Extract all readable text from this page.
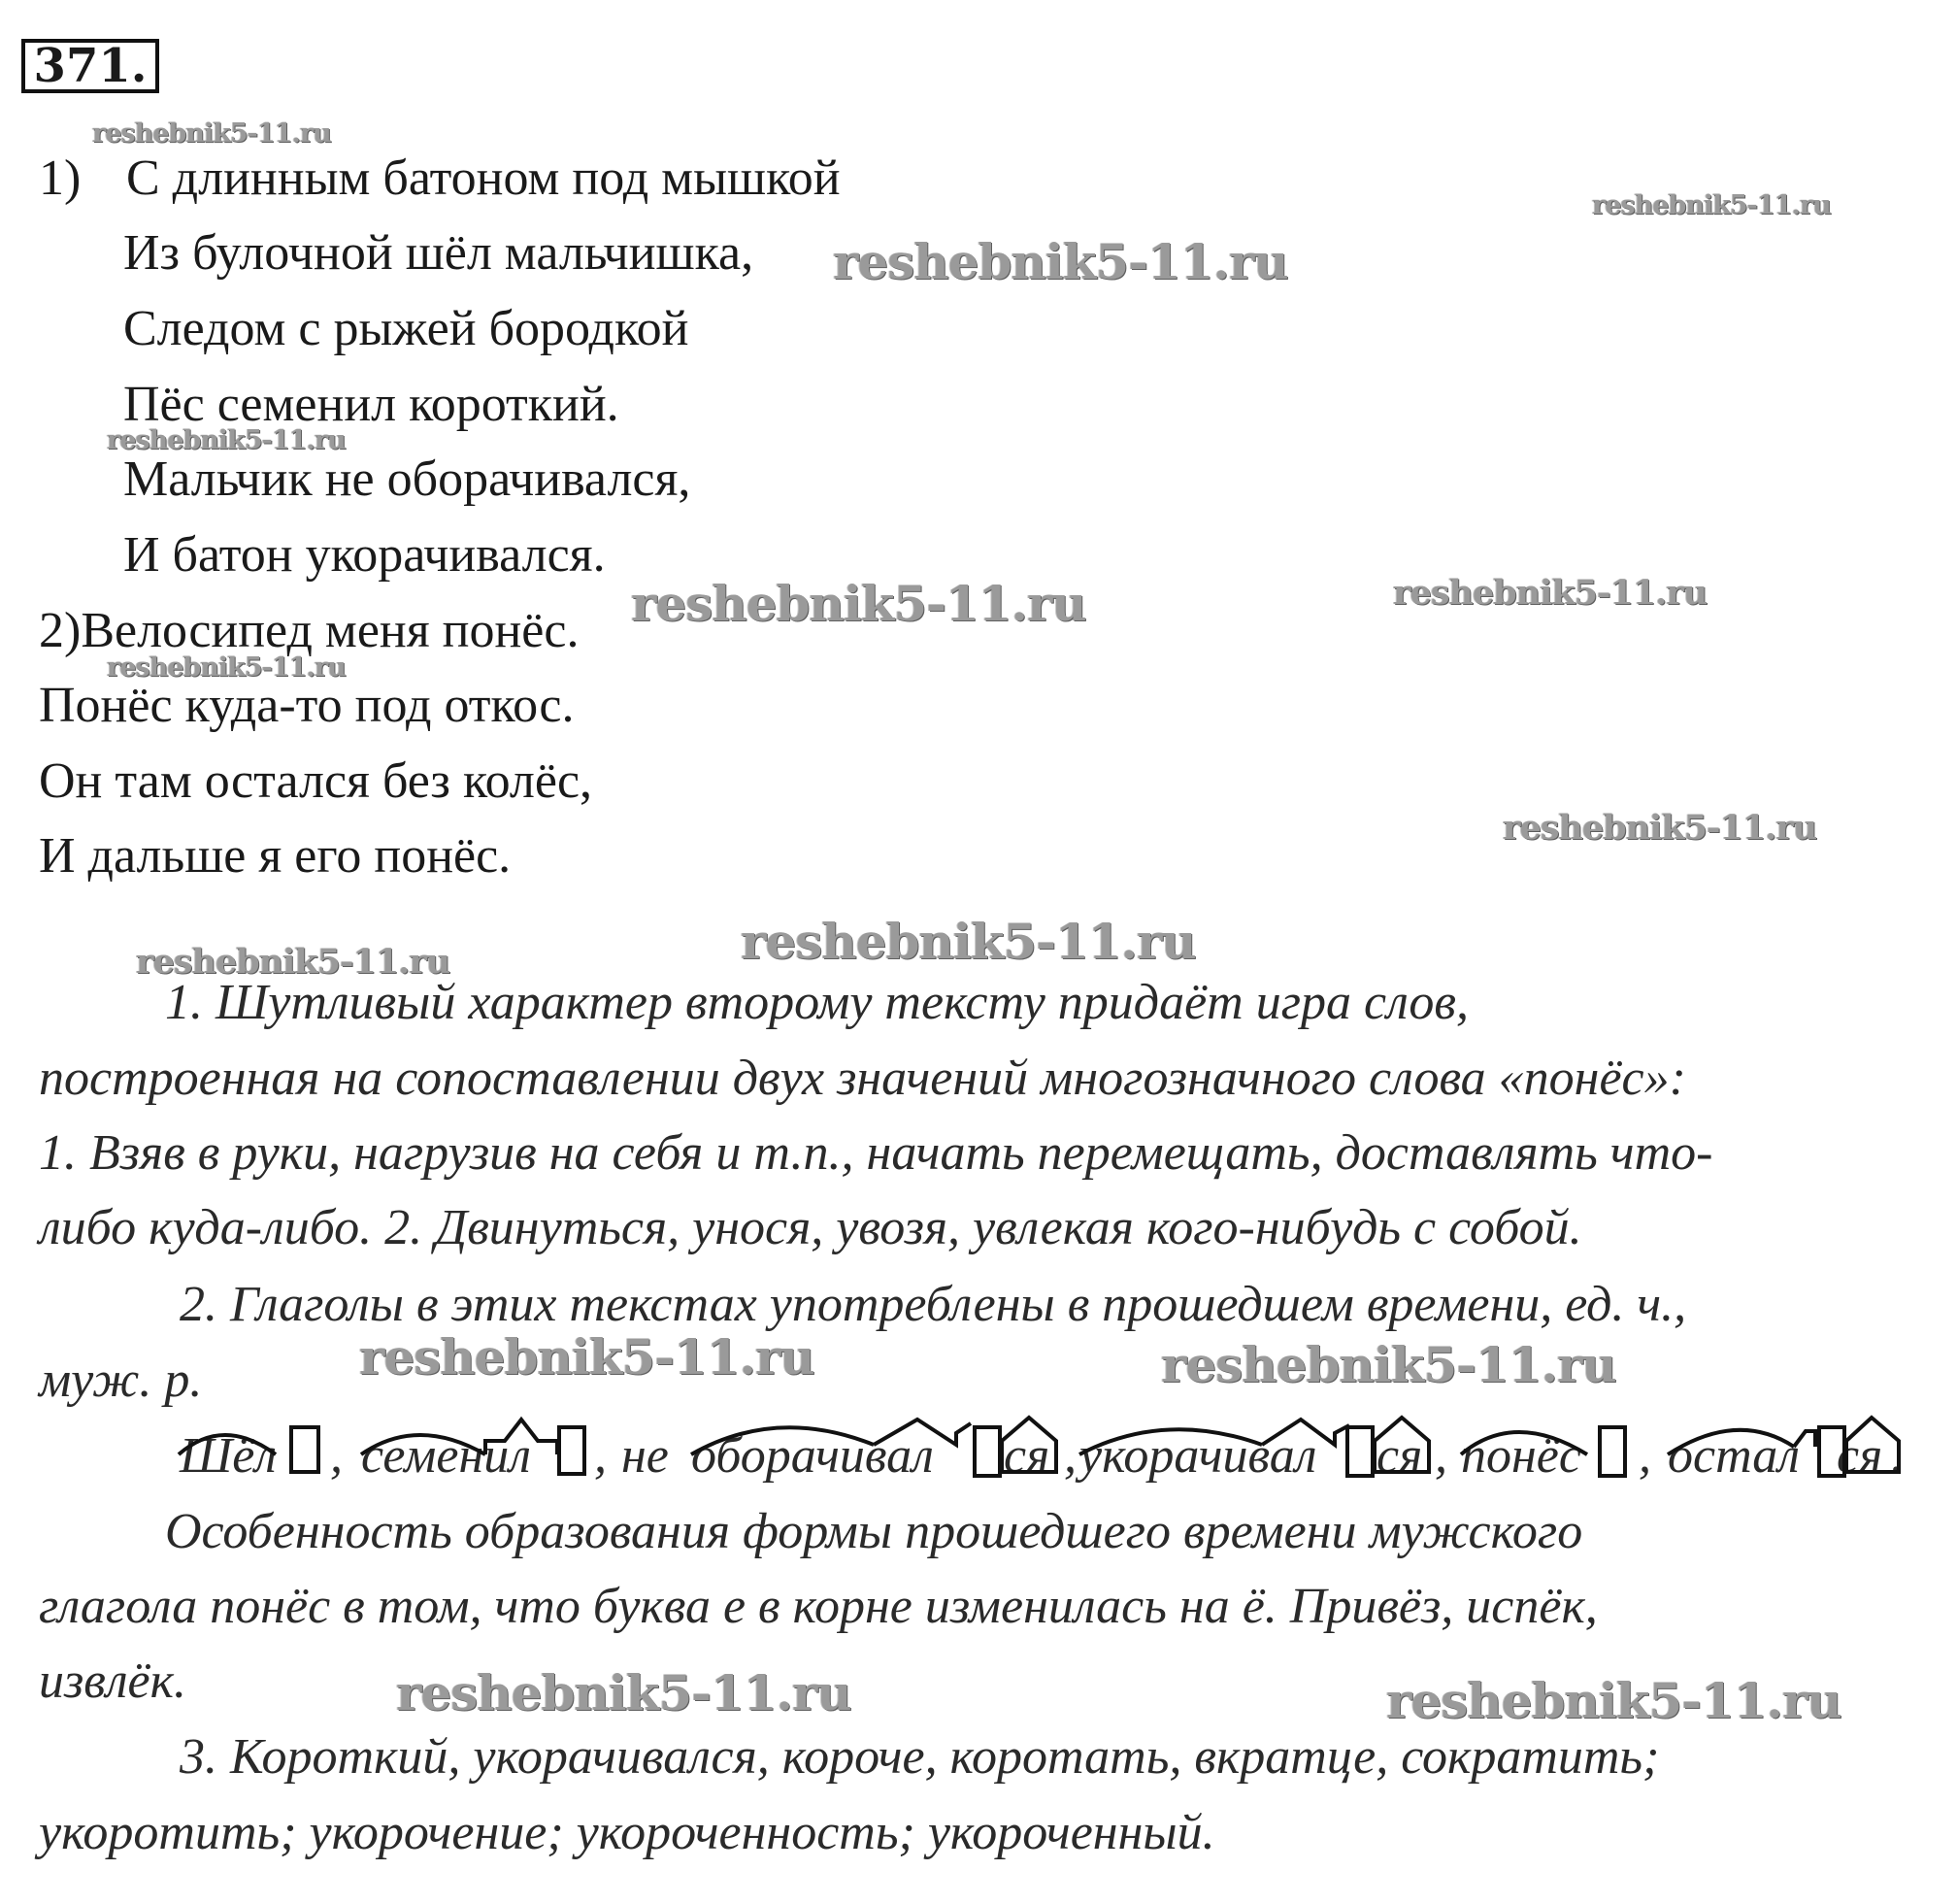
371.
1) С длинным батоном под мышкой
Из булочной шёл мальчишка,
Следом с рыжей бородкой
Пёс семенил короткий.
Мальчик не оборачивался,
И батон укорачивался.
2)Велосипед меня понёс.
Понёс куда-то под откос.
Он там остался без колёс,
И дальше я его понёс.
1. Шутливый характер второму тексту придаёт игра слов,
построенная на сопоставлении двух значений многозначного слова «понёс»:
1. Взяв в руки, нагрузив на себя и т.п., начать перемещать, доставлять что-
либо куда-либо. 2. Двинуться, унося, увозя, увлекая кого-нибудь с собой.
2. Глаголы в этих текстах употреблены в прошедшем времени, ед. ч.,
муж. р.
Шёл , семенил , не оборачивал ся , укорачивал ся , понёс , остал ся .
Особенность образования формы прошедшего времени мужского
глагола понёс в том, что буква е в корне изменилась на ё. Привёз, испёк,
извлёк.
3. Короткий, укорачивался, короче, коротать, вкратце, сократить;
укоротить; укорочение; укороченность; укороченный.
reshebnik5-11.ru
reshebnik5-11.ru
reshebnik5-11.ru
reshebnik5-11.ru
reshebnik5-11.ru	reshebnik5-11.ru
reshebnik5-11.ru
reshebnik5-11.ru
reshebnik5-11.ru
reshebnik5-11.ru
reshebnik5-11.ru	reshebnik5-11.ru
reshebnik5-11.ru	reshebnik5-11.ru
